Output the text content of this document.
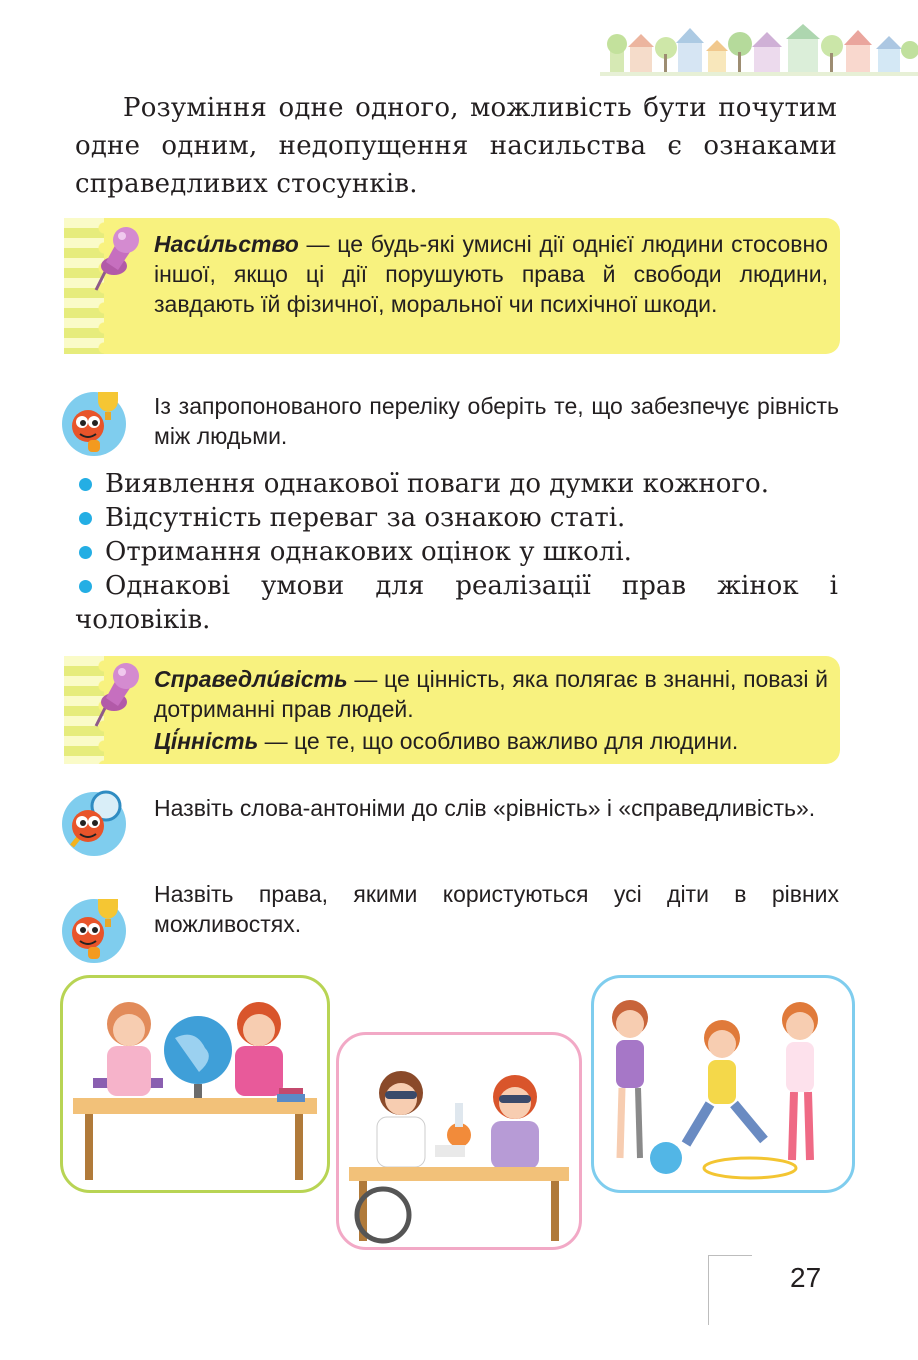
Розуміння одне одного, можливість бути почутим одне одним, недопущення насильства є ознаками справедливих стосунків.

Наси́льство — це будь-які умисні дії однієї людини стосовно іншої, якщо ці дії порушують права й свободи людини, завдають їй фізичної, моральної чи психічної шкоди.

Із запропонованого переліку оберіть те, що забезпечує рівність між людьми.

Виявлення однакової поваги до думки кожного.
Відсутність переваг за ознакою статі.
Отримання однакових оцінок у школі.
Однакові умови для реалізації прав жінок і чоловіків.

Справедли́вість — це цінність, яка полягає в знанні, повазі й дотриманні прав людей.

Ці́нність — це те, що особливо важливо для людини.

Назвіть слова-антоніми до слів «рівність» і «справедливість».

Назвіть права, якими користуються усі діти в рівних можливостях.

27
